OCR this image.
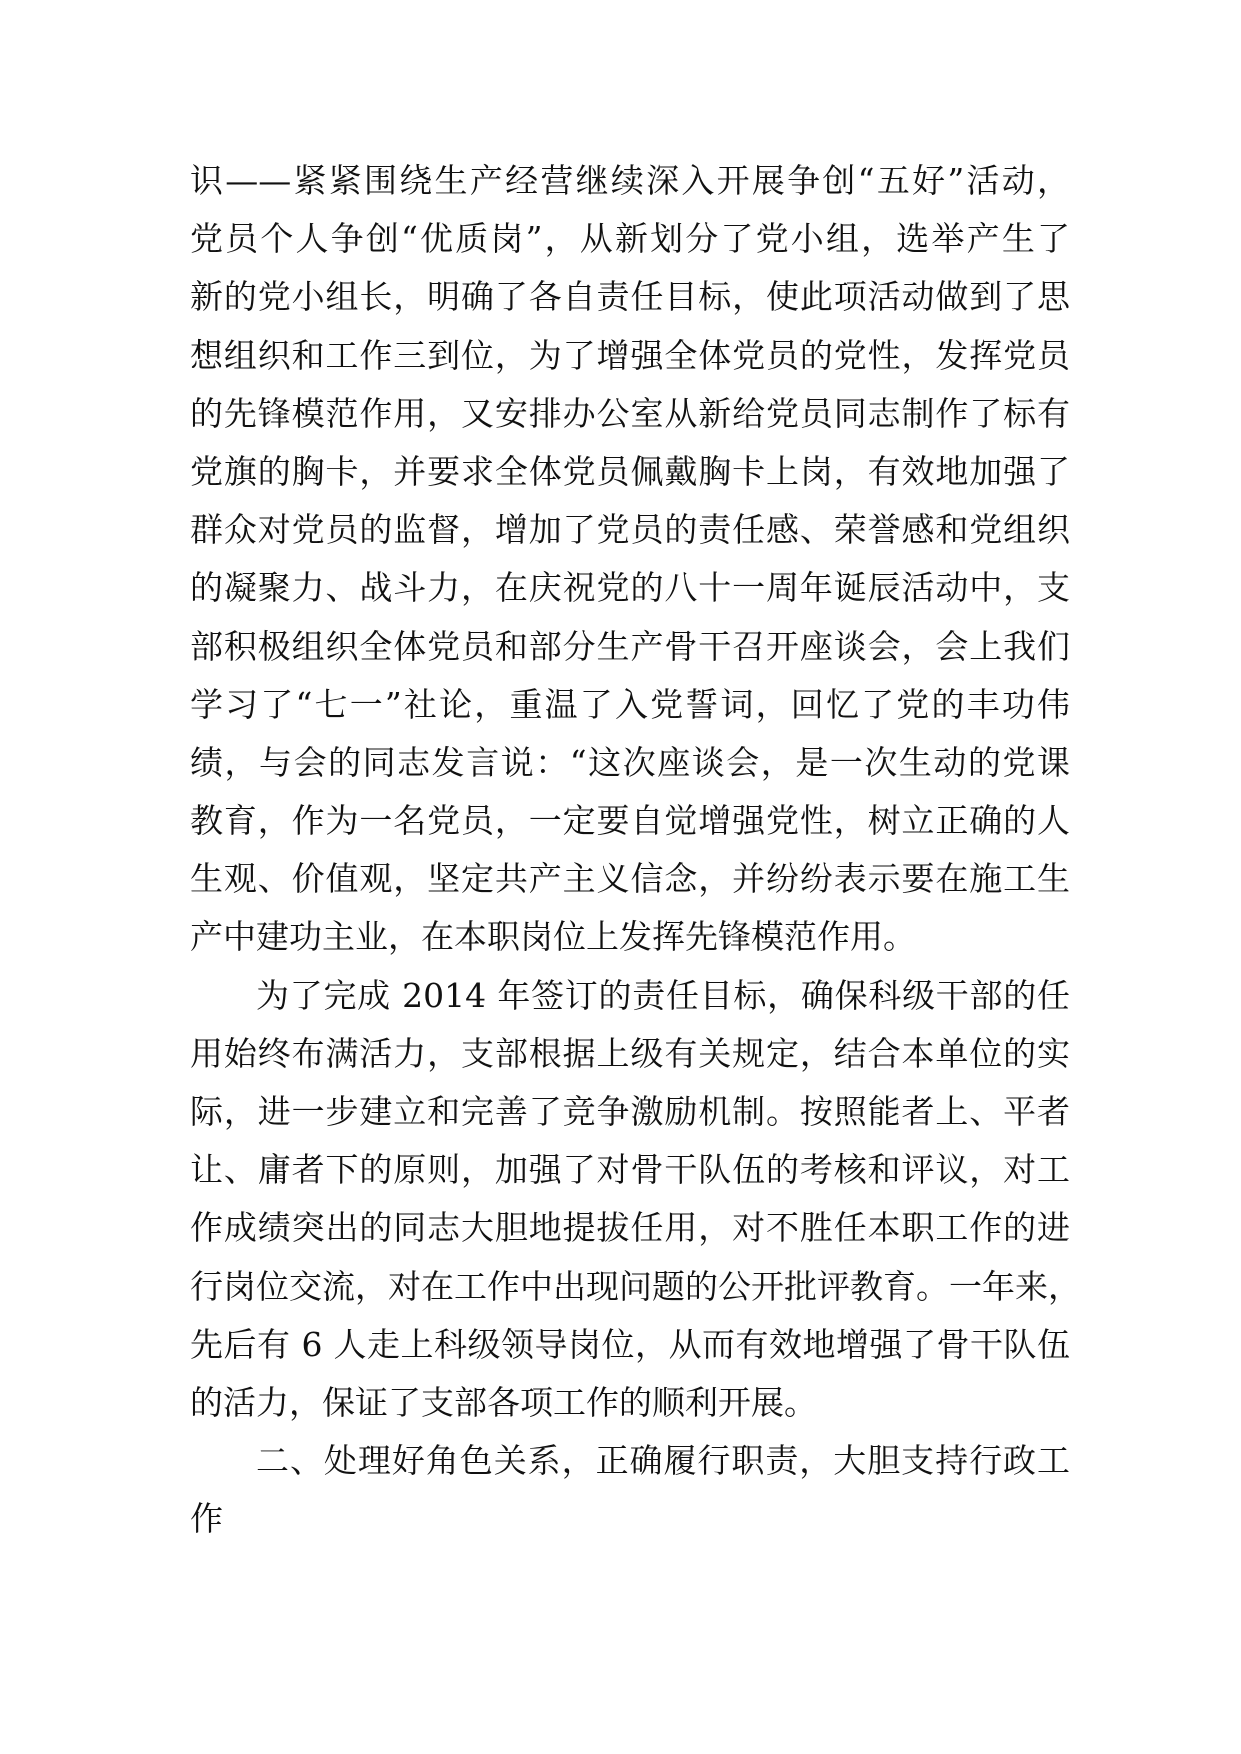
识——紧紧围绕生产经营继续深入开展争创“五好”活动，
党员个人争创“优质岗”，从新划分了党小组，选举产生了
新的党小组长，明确了各自责任目标，使此项活动做到了思
想组织和工作三到位，为了增强全体党员的党性，发挥党员
的先锋模范作用，又安排办公室从新给党员同志制作了标有
党旗的胸卡，并要求全体党员佩戴胸卡上岗，有效地加强了
群众对党员的监督，增加了党员的责任感、荣誉感和党组织
的凝聚力、战斗力，在庆祝党的八十一周年诞辰活动中，支
部积极组织全体党员和部分生产骨干召开座谈会，会上我们
学习了“七一”社论，重温了入党誓词，回忆了党的丰功伟
绩，与会的同志发言说：“这次座谈会，是一次生动的党课
教育，作为一名党员，一定要自觉增强党性，树立正确的人
生观、价值观，坚定共产主义信念，并纷纷表示要在施工生
产中建功主业，在本职岗位上发挥先锋模范作用。
为了完成 2014 年签订的责任目标，确保科级干部的任
用始终布满活力，支部根据上级有关规定，结合本单位的实
际，进一步建立和完善了竞争激励机制。按照能者上、平者
让、庸者下的原则，加强了对骨干队伍的考核和评议，对工
作成绩突出的同志大胆地提拔任用，对不胜任本职工作的进
行岗位交流，对在工作中出现问题的公开批评教育。一年来，
先后有 6 人走上科级领导岗位，从而有效地增强了骨干队伍
的活力，保证了支部各项工作的顺利开展。
二、处理好角色关系，正确履行职责，大胆支持行政工
作
